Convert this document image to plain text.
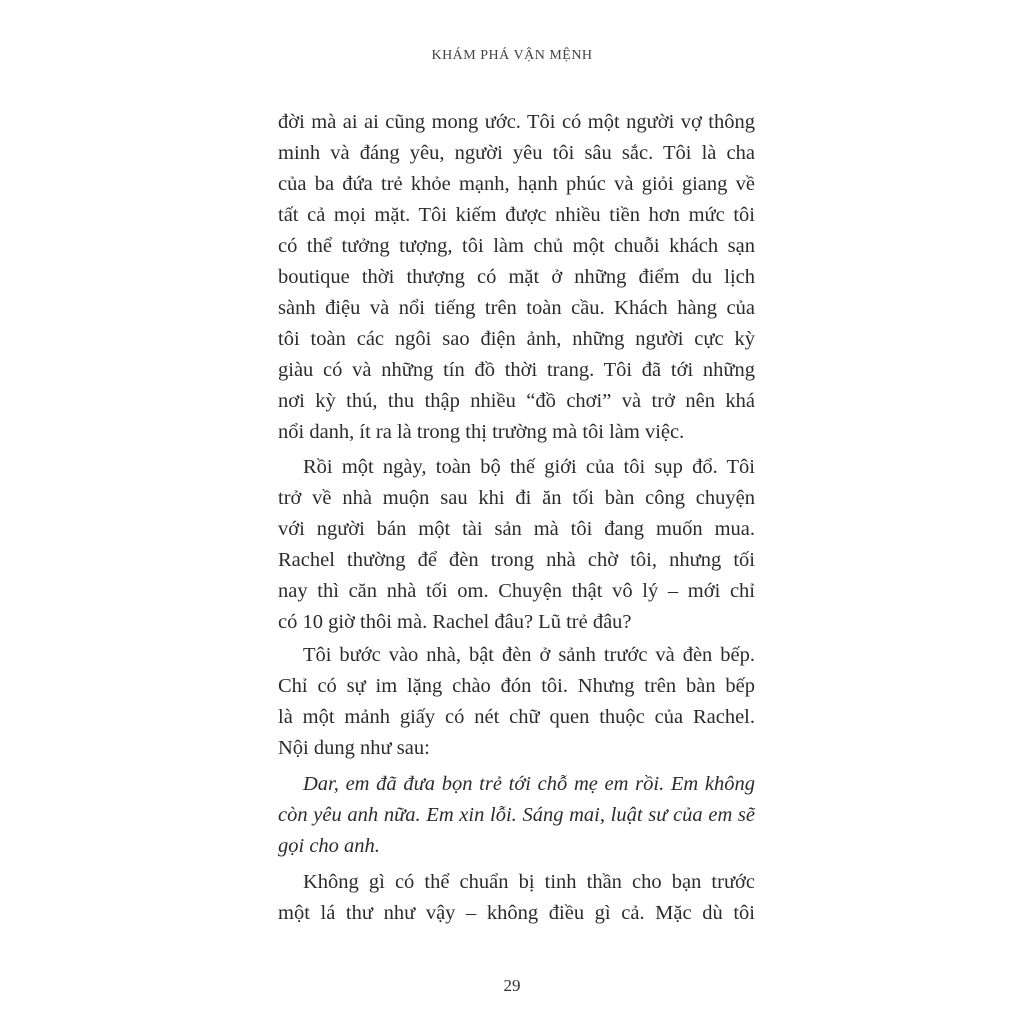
KHÁM PHÁ VẬN MỆNH
đời mà ai ai cũng mong ước. Tôi có một người vợ thông
minh và đáng yêu, người yêu tôi sâu sắc. Tôi là cha
của ba đứa trẻ khỏe mạnh, hạnh phúc và giỏi giang về
tất cả mọi mặt. Tôi kiếm được nhiều tiền hơn mức tôi
có thể tưởng tượng, tôi làm chủ một chuỗi khách sạn
boutique thời thượng có mặt ở những điểm du lịch
sành điệu và nổi tiếng trên toàn cầu. Khách hàng của
tôi toàn các ngôi sao điện ảnh, những người cực kỳ
giàu có và những tín đồ thời trang. Tôi đã tới những
nơi kỳ thú, thu thập nhiều “đồ chơi” và trở nên khá
nổi danh, ít ra là trong thị trường mà tôi làm việc.
Rồi một ngày, toàn bộ thế giới của tôi sụp đổ. Tôi
trở về nhà muộn sau khi đi ăn tối bàn công chuyện
với người bán một tài sản mà tôi đang muốn mua.
Rachel thường để đèn trong nhà chờ tôi, nhưng tối
nay thì căn nhà tối om. Chuyện thật vô lý – mới chỉ
có 10 giờ thôi mà. Rachel đâu? Lũ trẻ đâu?
Tôi bước vào nhà, bật đèn ở sảnh trước và đèn bếp.
Chỉ có sự im lặng chào đón tôi. Nhưng trên bàn bếp
là một mảnh giấy có nét chữ quen thuộc của Rachel.
Nội dung như sau:
Dar, em đã đưa bọn trẻ tới chỗ mẹ em rồi. Em không
còn yêu anh nữa. Em xin lỗi. Sáng mai, luật sư của em sẽ
gọi cho anh.
Không gì có thể chuẩn bị tinh thần cho bạn trước
một lá thư như vậy – không điều gì cả. Mặc dù tôi
29
